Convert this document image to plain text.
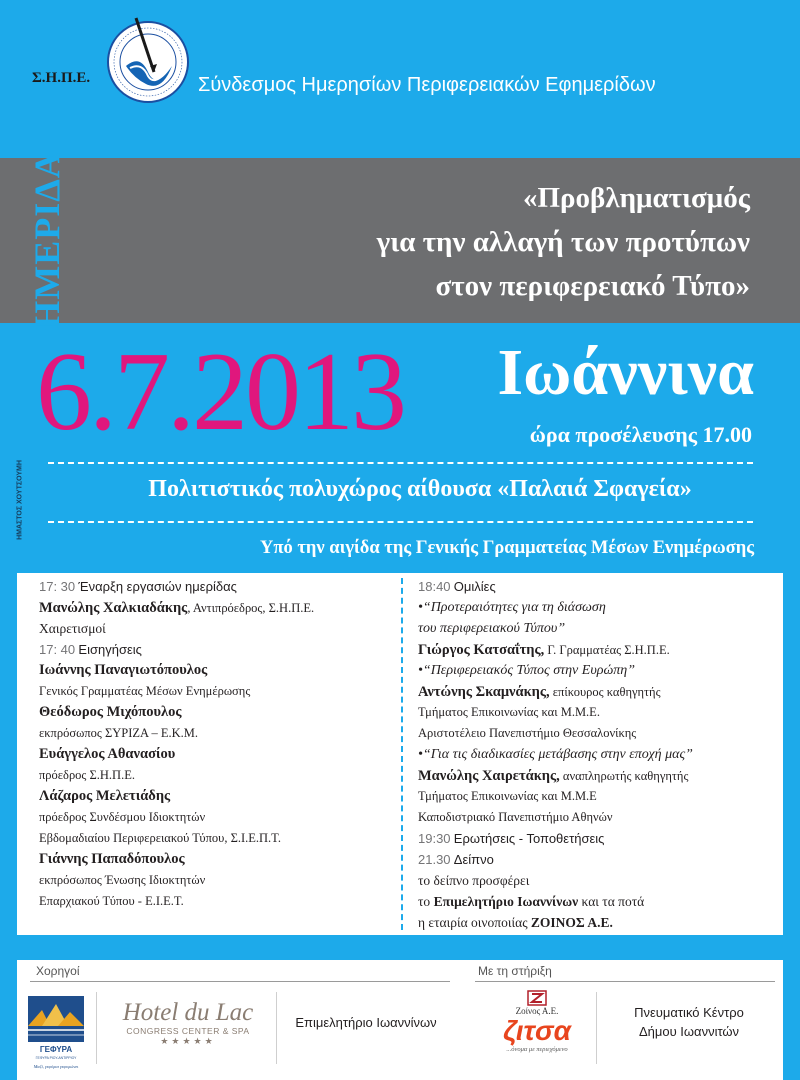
Σ.Η.Π.Ε.	Σύνδεσμος Ημερησίων Περιφερειακών Εφημερίδων
ΗΜΕΡΙΔΑ	«Προβληματισμός
για την αλλαγή των προτύπων
στον περιφερειακό Τύπο»
6.7.2013 Ιωάννινα
ώρα προσέλευσης 17.00
ΗΜΑΣΤΟΣ ΧΟΥΤΣΟΥΜΗ	Πολιτιστικός πολυχώρος αίθουσα «Παλαιά Σφαγεία»
Υπό την αιγίδα της Γενικής Γραμματείας Μέσων Ενημέρωσης
17: 30 Έναρξη εργασιών ημερίδας
Μανώλης Χαλκιαδάκης, Αντιπρόεδρος, Σ.Η.Π.Ε.
Χαιρετισμοί
17: 40 Εισηγήσεις
Ιωάννης Παναγιωτόπουλος
Γενικός Γραμματέας Μέσων Ενημέρωσης
Θεόδωρος Μιχόπουλος
εκπρόσωπος ΣΥΡΙΖΑ – Ε.Κ.Μ.
Ευάγγελος Αθανασίου
πρόεδρος Σ.Η.Π.Ε.
Λάζαρος Μελετιάδης
πρόεδρος Συνδέσμου Ιδιοκτητών
Εβδομαδιαίου Περιφερειακού Τύπου, Σ.Ι.Ε.Π.Τ.
Γιάννης Παπαδόπουλος
εκπρόσωπος Ένωσης Ιδιοκτητών
Επαρχιακού Τύπου - Ε.Ι.Ε.Τ.
18:40 Ομιλίες
•“Προτεραιότητες για τη διάσωση
του περιφερειακού Τύπου”
Γιώργος Κατσαΐτης, Γ. Γραμματέας Σ.Η.Π.Ε.
•“Περιφερειακός Τύπος στην Ευρώπη”
Αντώνης Σκαμνάκης, επίκουρος καθηγητής
Τμήματος Επικοινωνίας και Μ.Μ.Ε.
Αριστοτέλειο Πανεπιστήμιο Θεσσαλονίκης
•“Για τις διαδικασίες μετάβασης στην εποχή μας”
Μανώλης Χαιρετάκης, αναπληρωτής καθηγητής
Τμήματος Επικοινωνίας και Μ.Μ.Ε
Καποδιστριακό Πανεπιστήμιο Αθηνών
19:30 Ερωτήσεις - Τοποθετήσεις
21.30 Δείπνο
το δείπνο προσφέρει
το Επιμελητήριο Ιωαννίνων και τα ποτά
η εταιρία οινοποιίας ΖΟΙΝΟΣ Α.Ε.
Χορηγοί	Με τη στήριξη
ΓΕΦΥΡΑ
ΓΕΦΥΡΑ ΡΙΟΥ-ΑΝΤΙΡΡΙΟΥ
Μαζί, γεφύρια γεφυρώνει
Hotel du Lac
CONGRESS CENTER & SPA
★★★★★
Επιμελητήριο Ιωαννίνων
Ζοίνος Α.Ε.
ζιτσα
...όνομα με περιεχόμενο
Πνευματικό Κέντρο
Δήμου Ιωαννιτών
